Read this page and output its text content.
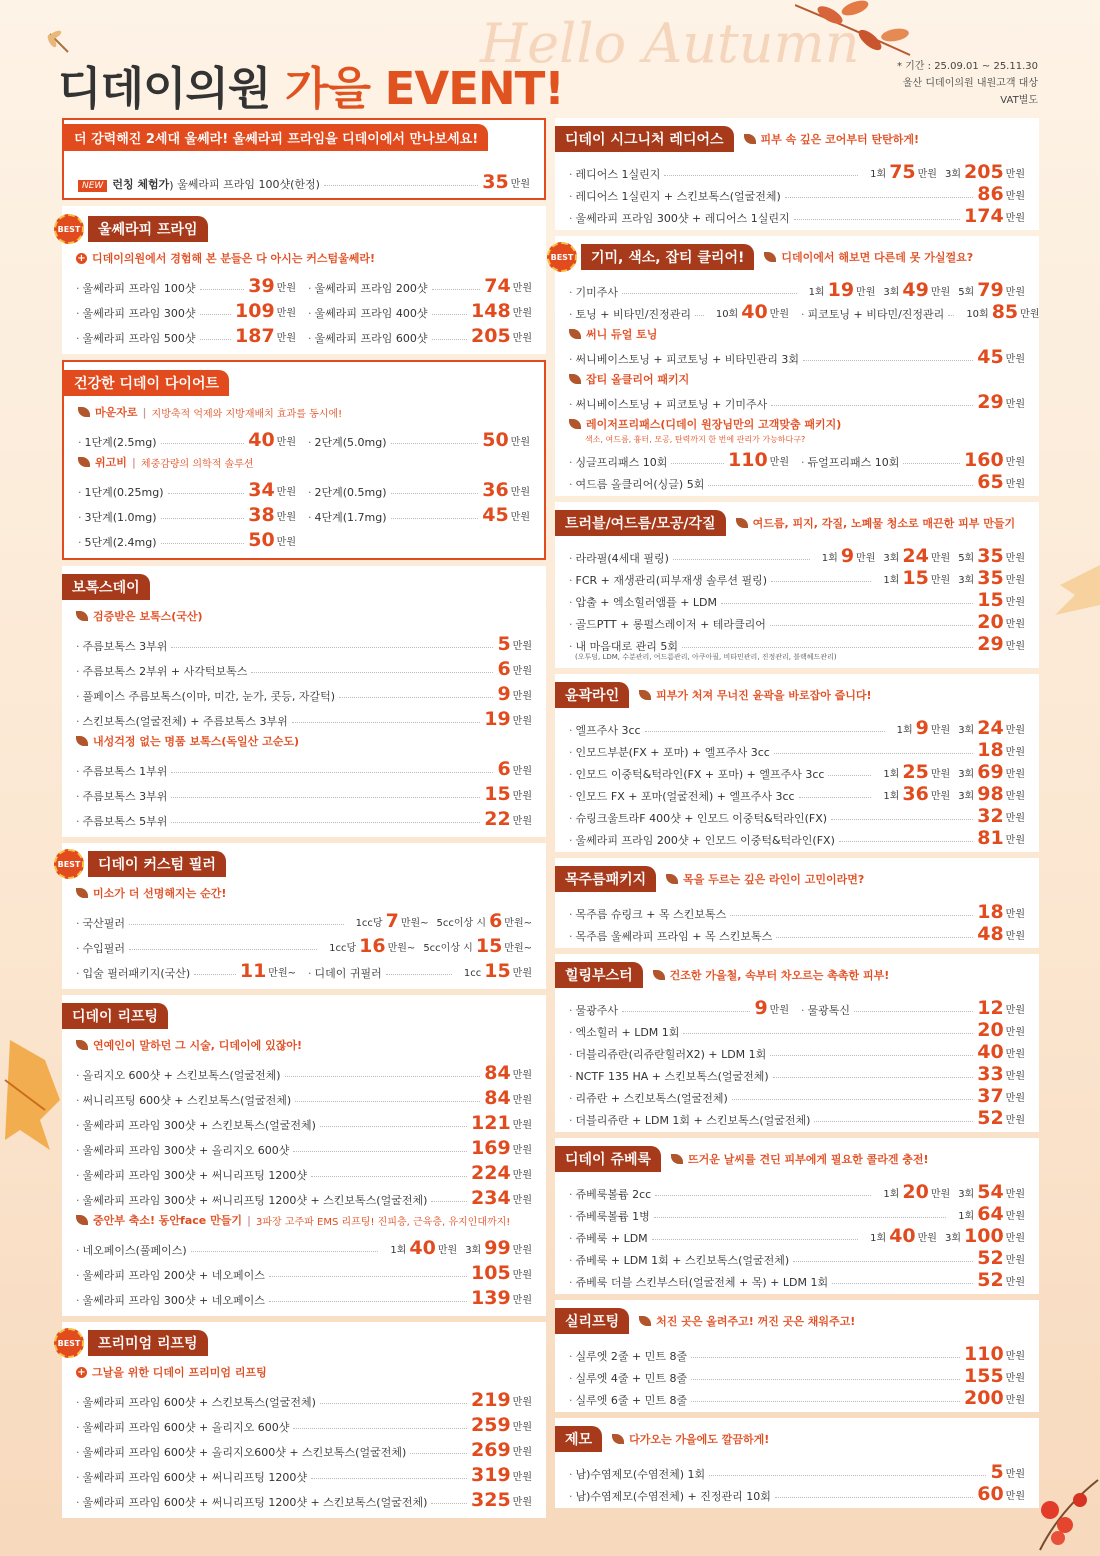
Hello Autumn
디데이의원 가을 EVENT!	* 기간 : 25.09.01 ~ 25.11.30
울산 디데이의원 내원고객 대상
VAT별도
더 강력해진 2세대 울쎄라! 울쎄라피 프라임을 디데이에서 만나보세요!
NEW 런칭 체험가 ) 울쎄라피 프라임 100샷(한정)	35 만원
BEST	울쎄라피 프라임
+ 디데이의원에서 경험해 본 분들은 다 아시는 커스텀울쎄라!
· 울쎄라피 프라임 100샷	39 만원	· 울쎄라피 프라임 200샷	74 만원
· 울쎄라피 프라임 300샷 109 만원	· 울쎄라피 프라임 400샷 148 만원
· 울쎄라피 프라임 500샷 187 만원	· 울쎄라피 프라임 600샷 205 만원
건강한 디데이 다이어트
마운자로 | 지방축적 억제와 지방재배치 효과를 동시에!
· 1단계(2.5mg)	40 만원	· 2단계(5.0mg)	50 만원
위고비 | 체중감량의 의학적 솔루션
· 1단계(0.25mg)	34 만원	· 2단계(0.5mg)	36 만원
· 3단계(1.0mg)	38 만원	· 4단계(1.7mg)	45 만원
· 5단계(2.4mg)	50 만원
보톡스데이
검증받은 보톡스(국산)
· 주름보톡스 3부위	5 만원
· 주름보톡스 2부위 + 사각턱보톡스	6 만원
· 풀페이스 주름보톡스(이마, 미간, 눈가, 콧등, 자갈턱)	9 만원
· 스킨보톡스(얼굴전체) + 주름보톡스 3부위	19 만원
내성걱정 없는 명품 보톡스(독일산 고순도)
· 주름보톡스 1부위	6 만원
· 주름보톡스 3부위	15 만원
· 주름보톡스 5부위	22 만원
BEST	디데이 커스텀 필러
미소가 더 선명해지는 순간!
· 국산필러	1cc당 7 만원~ 5cc이상 시 6 만원~
· 수입필러	1cc당 16 만원~ 5cc이상 시 15 만원~
· 입술 필러패키지(국산)	11 만원~	· 디데이 귀필러	1cc 15 만원
디데이 리프팅
연예인이 말하던 그 시술, 디데이에 있잖아!
· 올리지오 600샷 + 스킨보톡스(얼굴전체)	84 만원
· 써니리프팅 600샷 + 스킨보톡스(얼굴전체)	84 만원
· 울쎄라피 프라임 300샷 + 스킨보톡스(얼굴전체)	121 만원
· 울쎄라피 프라임 300샷 + 올리지오 600샷	169 만원
· 울쎄라피 프라임 300샷 + 써니리프팅 1200샷	224 만원
· 울쎄라피 프라임 300샷 + 써니리프팅 1200샷 + 스킨보톡스(얼굴전체) 234 만원
중안부 축소! 동안face 만들기 | 3파장 고주파 EMS 리프팅! 진피층, 근육층, 유지인대까지!
· 네오페이스(풀페이스)	1회 40 만원 3회 99 만원
· 울쎄라피 프라임 200샷 + 네오페이스	105 만원
· 울쎄라피 프라임 300샷 + 네오페이스	139 만원
BEST	프리미엄 리프팅
+ 그날을 위한 디데이 프리미엄 리프팅
· 울쎄라피 프라임 600샷 + 스킨보톡스(얼굴전체)	219 만원
· 울쎄라피 프라임 600샷 + 올리지오 600샷	259 만원
· 울쎄라피 프라임 600샷 + 올리지오600샷 + 스킨보톡스(얼굴전체)	269 만원
· 울쎄라피 프라임 600샷 + 써니리프팅 1200샷	319 만원
· 울쎄라피 프라임 600샷 + 써니리프팅 1200샷 + 스킨보톡스(얼굴전체) 325 만원
디데이 시그니처 레디어스	피부 속 깊은 코어부터 탄탄하게!
· 레디어스 1실린지	1회 75 만원 3회 205 만원
· 레디어스 1실린지 + 스킨보톡스(얼굴전체)	86 만원
· 울쎄라피 프라임 300샷 + 레디어스 1실린지	174 만원
BEST	기미, 색소, 잡티 클리어!	디데이에서 해보면 다른데 못 가실껄요?
· 기미주사	1회 19 만원 3회 49 만원 5회 79 만원
· 토닝 + 비타민/진정관리 10회 40 만원	· 피코토닝 + 비타민/진정관리 10회 85 만원
써니 듀얼 토닝
· 써니베이스토닝 + 피코토닝 + 비타민관리 3회	45 만원
잡티 올클리어 패키지
· 써니베이스토닝 + 피코토닝 + 기미주사	29 만원
레이저프리패스(디데이 원장님만의 고객맞춤 패키지)
색소, 여드름, 흉터, 모공, 탄력까지 한 번에 관리가 가능하다구?
· 싱글프리패스 10회	110 만원	· 듀얼프리패스 10회	160 만원
· 여드름 올클리어(싱글) 5회	65 만원
트러블/여드름/모공/각질	여드름, 피지, 각질, 노폐물 청소로 매끈한 피부 만들기
· 라라필(4세대 필링)	1회 9 만원 3회 24 만원 5회 35 만원
· FCR + 재생관리(피부재생 솔루션 필링)	1회 15 만원 3회 35 만원
· 압출 + 엑소힐러앰플 + LDM	15 만원
· 골드PTT + 롱펄스레이저 + 테라클리어	20 만원
· 내 마음대로 관리 5회	29 만원
(오투덤, LDM, 수분관리, 여드름관리, 아쿠아필, 비타민관리, 진정관리, 블랙헤드관리)
윤곽라인	피부가 처져 무너진 윤곽을 바로잡아 줍니다!
· 엘프주사 3cc	1회 9 만원 3회 24 만원
· 인모드부분(FX + 포마) + 엘프주사 3cc	18 만원
· 인모드 이중턱&턱라인(FX + 포마) + 엘프주사 3cc	1회 25 만원 3회 69 만원
· 인모드 FX + 포마(얼굴전체) + 엘프주사 3cc	1회 36 만원 3회 98 만원
· 슈링크울트라F 400샷 + 인모드 이중턱&턱라인(FX)	32 만원
· 울쎄라피 프라임 200샷 + 인모드 이중턱&턱라인(FX)	81 만원
목주름패키지	목을 두르는 깊은 라인이 고민이라면?
· 목주름 슈링크 + 목 스킨보톡스	18 만원
· 목주름 울쎄라피 프라임 + 목 스킨보톡스	48 만원
힐링부스터	건조한 가을철, 속부터 차오르는 촉촉한 피부!
· 물광주사	9 만원	· 물광톡신	12 만원
· 엑소힐러 + LDM 1회	20 만원
· 더블리쥬란(리쥬란힐러X2) + LDM 1회	40 만원
· NCTF 135 HA + 스킨보톡스(얼굴전체)	33 만원
· 리쥬란 + 스킨보톡스(얼굴전체)	37 만원
· 더블리쥬란 + LDM 1회 + 스킨보톡스(얼굴전체)	52 만원
디데이 쥬베룩	뜨거운 날씨를 견딘 피부에게 필요한 콜라겐 충전!
· 쥬베룩볼륨 2cc	1회 20 만원 3회 54 만원
· 쥬베룩볼륨 1병	1회 64 만원
· 쥬베룩 + LDM	1회 40 만원 3회 100 만원
· 쥬베룩 + LDM 1회 + 스킨보톡스(얼굴전체)	52 만원
· 쥬베룩 더블 스킨부스터(얼굴전체 + 목) + LDM 1회	52 만원
실리프팅	처진 곳은 올려주고! 꺼진 곳은 채워주고!
· 실루엣 2줄 + 민트 8줄	110 만원
· 실루엣 4줄 + 민트 8줄	155 만원
· 실루엣 6줄 + 민트 8줄	200 만원
제모	다가오는 가을에도 깔끔하게!
· 남)수염제모(수염전체) 1회	5 만원
· 남)수염제모(수염전체) + 진정관리 10회	60 만원
